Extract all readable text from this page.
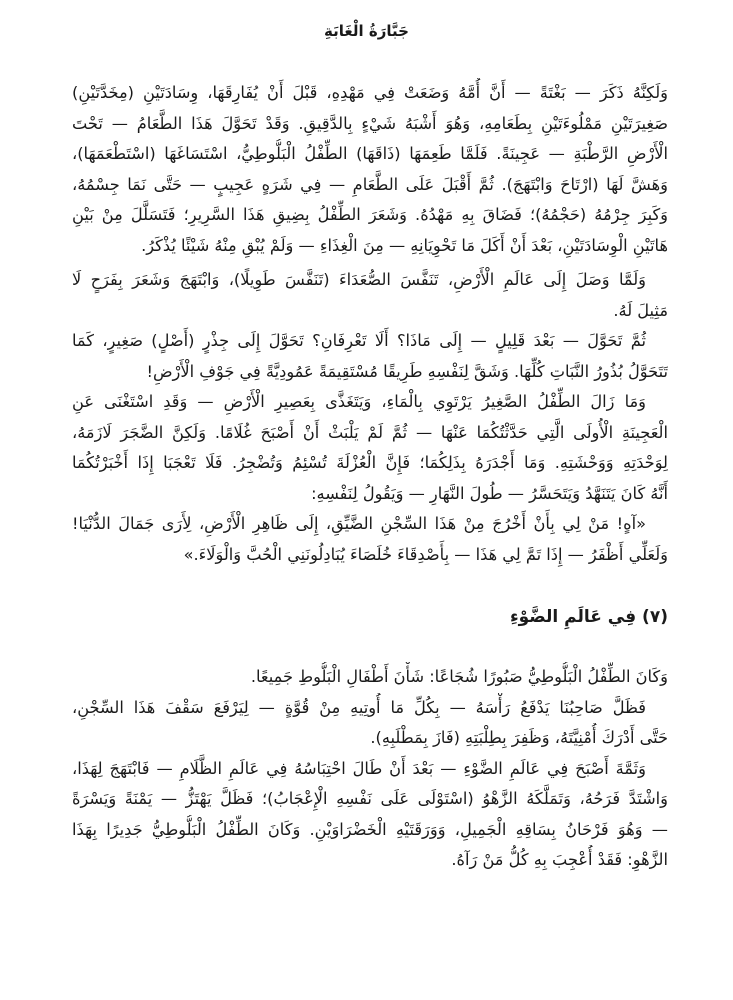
جَبَّارَةُ الْغَابَةِ
وَلَكِنَّهُ ذَكَرَ — بَغْتَةً — أَنَّ أُمَّهُ وَضَعَتْ فِي مَهْدِهِ، قَبْلَ أَنْ يُفَارِقَهَا، وِسَادَتَيْنِ (مِخَدَّتَيْنِ)
صَغِيرَتَيْنِ مَمْلُوءَتَيْنِ بِطَعَامِهِ، وَهُوَ أَشْبَهُ شَيْءٍ بِالدَّقِيقِ. وَقَدْ تَحَوَّلَ هَذَا الطَّعَامُ — تَحْتَ
الْأَرْضِ الرَّطْبَةِ — عَجِينَةً. فَلَمَّا طَعِمَهَا (ذَاقَهَا) الطِّفْلُ الْبَلُّوطِيُّ، اسْتَسَاغَهَا (اسْتَطْعَمَهَا)،
وَهَشَّ لَهَا (ارْتَاحَ وَابْتَهَجَ). ثُمَّ أَقْبَلَ عَلَى الطَّعَامِ — فِي شَرَهٍ عَجِيبٍ — حَتَّى نَمَا جِسْمُهُ،
وَكَبِرَ جِرْمُهُ (حَجْمُهُ)؛ فَضَاقَ بِهِ مَهْدُهُ. وَشَعَرَ الطِّفْلُ بِضِيقِ هَذَا السَّرِيرِ؛ فَتَسَلَّلَ مِنْ بَيْنِ
هَاتَيْنِ الْوِسَادَتَيْنِ، بَعْدَ أَنْ أَكَلَ مَا تَحْوِيَانِهِ — مِنَ الْغِذَاءِ — وَلَمْ يُبْقِ مِنْهُ شَيْئًا يُذْكَرُ.
وَلَمَّا وَصَلَ إِلَى عَالَمِ الْأَرْضِ، تَنَفَّسَ الصُّعَدَاءَ (تَنَفَّسَ طَوِيلًا)، وَابْتَهَجَ وَشَعَرَ بِفَرَحٍ لَا
مَثِيلَ لَهُ.
ثُمَّ تَحَوَّلَ — بَعْدَ قَلِيلٍ — إِلَى مَاذَا؟ أَلَا تَعْرِفَانِ؟ تَحَوَّلَ إِلَى جِذْرٍ (أَصْلٍ) صَغِيرٍ، كَمَا
تَتَحَوَّلُ بُذُورُ النَّبَاتِ كُلِّهَا. وَشَقَّ لِنَفْسِهِ طَرِيقًا مُسْتَقِيمَةً عَمُودِيَّةً فِي جَوْفِ الْأَرْضِ!
وَمَا زَالَ الطِّفْلُ الصَّغِيرُ يَرْتَوِي بِالْمَاءِ، وَيَتَغَذَّى بِعَصِيرِ الْأَرْضِ — وَقَدِ اسْتَغْنَى عَنِ
الْعَجِينَةِ الْأُولَى الَّتِي حَدَّثْتُكُمَا عَنْهَا — ثُمَّ لَمْ يَلْبَثْ أَنْ أَصْبَحَ غُلَامًا. وَلَكِنَّ الضَّجَرَ لَازَمَهُ،
لِوَحْدَتِهِ وَوَحْشَتِهِ. وَمَا أَجْدَرَهُ بِذَلِكُمَا؛ فَإِنَّ الْعُزْلَةَ تُسْئِمُ وَتُضْجِرُ. فَلَا تَعْجَبَا إِذَا أَخْبَرْتُكُمَا
أَنَّهُ كَانَ يَتَنَهَّدُ وَيَتَحَسَّرُ — طُولَ النَّهَارِ — وَيَقُولُ لِنَفْسِهِ:
«آهٍ! مَنْ لِي بِأَنْ أَخْرُجَ مِنْ هَذَا السِّجْنِ الضَّيِّقِ، إِلَى ظَاهِرِ الْأَرْضِ، لِأَرَى جَمَالَ الدُّنْيَا!
وَلَعَلِّي أَظْفَرُ — إِذَا تَمَّ لِي هَذَا — بِأَصْدِقَاءَ خُلَصَاءَ يُبَادِلُونَنِي الْحُبَّ وَالْوَلَاءَ.»
(٧) فِي عَالَمِ الضَّوْءِ
وَكَانَ الطِّفْلُ الْبَلُّوطِيُّ صَبُورًا شُجَاعًا: شَأْنَ أَطْفَالِ الْبَلُّوطِ جَمِيعًا.
فَظَلَّ صَاحِبُنَا يَدْفَعُ رَأْسَهُ — بِكُلِّ مَا أُوتِيهِ مِنْ قُوَّةٍ — لِيَرْفَعَ سَقْفَ هَذَا السِّجْنِ،
حَتَّى أَدْرَكَ أُمْنِيَّتَهُ، وَظَفِرَ بِطِلْبَتِهِ (فَازَ بِمَطْلَبِهِ).
وَثَمَّةَ أَصْبَحَ فِي عَالَمِ الضَّوْءِ — بَعْدَ أَنْ طَالَ احْتِبَاسُهُ فِي عَالَمِ الظَّلَامِ — فَابْتَهَجَ لِهَذَا،
وَاشْتَدَّ فَرَحُهُ، وَتَمَلَّكَهُ الزَّهْوُ (اسْتَوْلَى عَلَى نَفْسِهِ الْإِعْجَابُ)؛ فَظَلَّ يَهْتَزُّ — يَمْنَةً وَيَسْرَةً
— وَهُوَ فَرْحَانُ بِسَاقِهِ الْجَمِيلِ، وَوَرَقَتَيْهِ الْخَضْرَاوَيْنِ. وَكَانَ الطِّفْلُ الْبَلُّوطِيُّ جَدِيرًا بِهَذَا
الزَّهْوِ: فَقَدْ أُعْجِبَ بِهِ كُلُّ مَنْ رَآهُ.
